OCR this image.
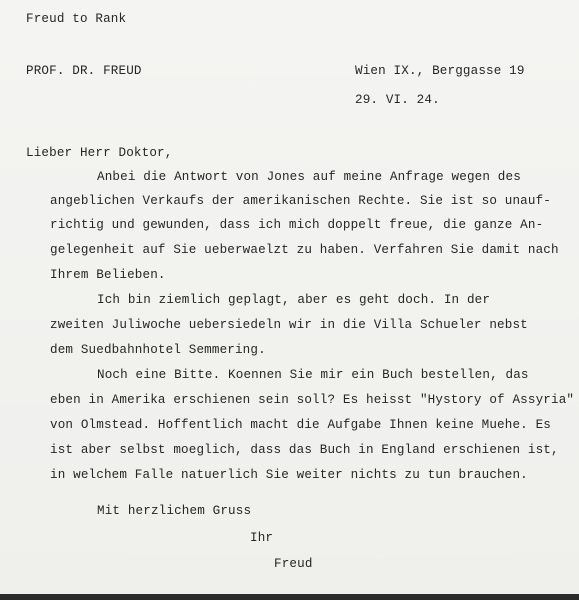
Freud to Rank
PROF. DR. FREUD	Wien IX., Berggasse 19
29. VI. 24.
Lieber Herr Doktor,
Anbei die Antwort von Jones auf meine Anfrage wegen des
angeblichen Verkaufs der amerikanischen Rechte. Sie ist so unauf-
richtig und gewunden, dass ich mich doppelt freue, die ganze An-
gelegenheit auf Sie ueberwaelzt zu haben. Verfahren Sie damit nach
Ihrem Belieben.
Ich bin ziemlich geplagt, aber es geht doch. In der
zweiten Juliwoche uebersiedeln wir in die Villa Schueler nebst
dem Suedbahnhotel Semmering.
Noch eine Bitte. Koennen Sie mir ein Buch bestellen, das
eben in Amerika erschienen sein soll? Es heisst "Hystory of Assyria"
von Olmstead. Hoffentlich macht die Aufgabe Ihnen keine Muehe. Es
ist aber selbst moeglich, dass das Buch in England erschienen ist,
in welchem Falle natuerlich Sie weiter nichts zu tun brauchen.
Mit herzlichem Gruss
Ihr
Freud
